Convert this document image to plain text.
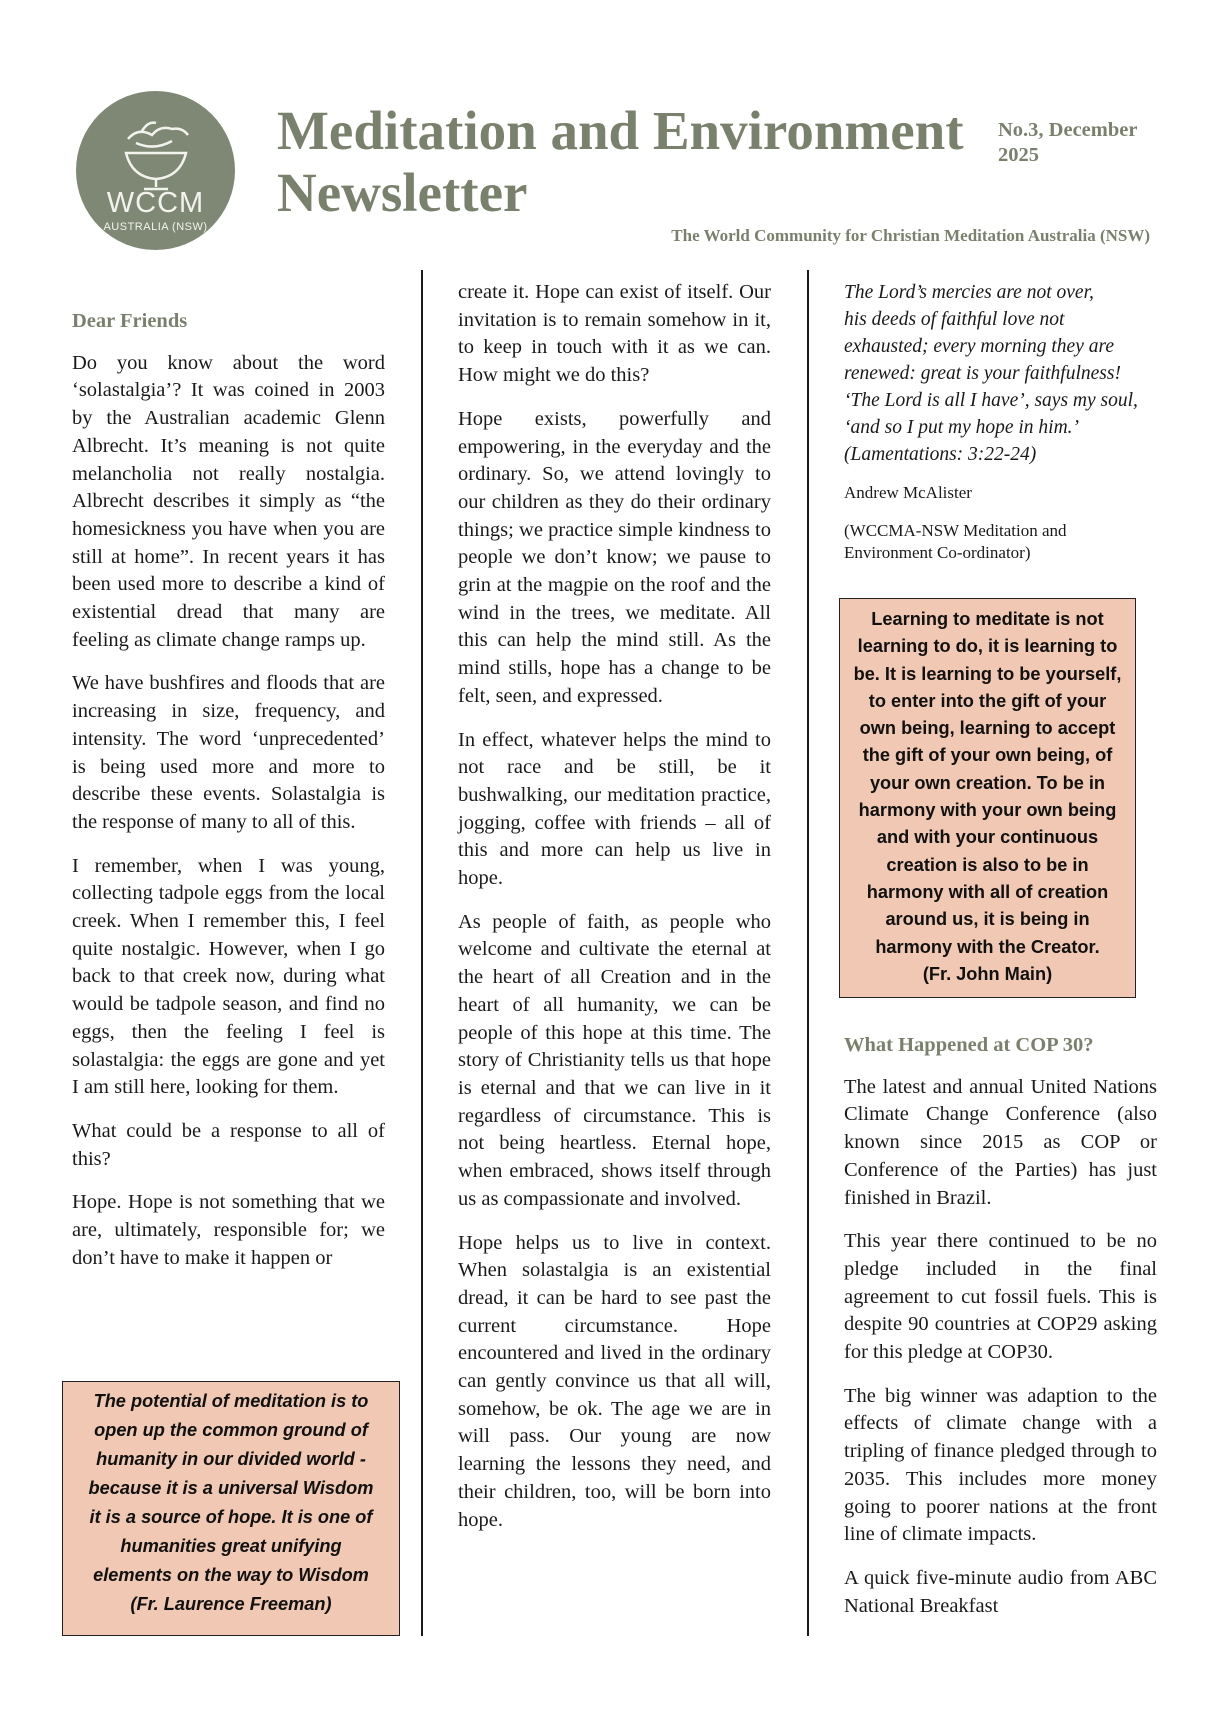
WCCM
AUSTRALIA (NSW)
Meditation and Environment
Newsletter
No.3, December
2025
The World Community for Christian Meditation Australia (NSW)
Dear Friends

Do you know about the word ‘solastalgia’? It was coined in 2003 by the Australian academic Glenn Albrecht. It’s meaning is not quite melancholia not really nostalgia. Albrecht describes it simply as “the homesickness you have when you are still at home”. In recent years it has been used more to describe a kind of existential dread that many are feeling as climate change ramps up.

We have bushfires and floods that are increasing in size, frequency, and intensity. The word ‘unprecedented’ is being used more and more to describe these events. Solastalgia is the response of many to all of this.

I remember, when I was young, collecting tadpole eggs from the local creek. When I remember this, I feel quite nostalgic. However, when I go back to that creek now, during what would be tadpole season, and find no eggs, then the feeling I feel is solastalgia: the eggs are gone and yet I am still here, looking for them.

What could be a response to all of this?

Hope. Hope is not something that we are, ultimately, responsible for; we don’t have to make it happen or

The potential of meditation is to
open up the common ground of
humanity in our divided world -
because it is a universal Wisdom
it is a source of hope. It is one of
humanities great unifying
elements on the way to Wisdom
(Fr. Laurence Freeman)

create it. Hope can exist of itself. Our invitation is to remain somehow in it, to keep in touch with it as we can. How might we do this?

Hope exists, powerfully and empowering, in the everyday and the ordinary. So, we attend lovingly to our children as they do their ordinary things; we practice simple kindness to people we don’t know; we pause to grin at the magpie on the roof and the wind in the trees, we meditate. All this can help the mind still. As the mind stills, hope has a change to be felt, seen, and expressed.

In effect, whatever helps the mind to not race and be still, be it bushwalking, our meditation practice, jogging, coffee with friends – all of this and more can help us live in hope.

As people of faith, as people who welcome and cultivate the eternal at the heart of all Creation and in the heart of all humanity, we can be people of this hope at this time. The story of Christianity tells us that hope is eternal and that we can live in it regardless of circumstance. This is not being heartless. Eternal hope, when embraced, shows itself through us as compassionate and involved.

Hope helps us to live in context. When solastalgia is an existential dread, it can be hard to see past the current circumstance. Hope encountered and lived in the ordinary can gently convince us that all will, somehow, be ok. The age we are in will pass. Our young are now learning the lessons they need, and their children, too, will be born into hope.

The Lord’s mercies are not over,
his deeds of faithful love not
exhausted; every morning they are
renewed: great is your faithfulness!
‘The Lord is all I have’, says my soul,
‘and so I put my hope in him.’
(Lamentations: 3:22-24)

Andrew McAlister

(WCCMA-NSW Meditation and Environment Co-ordinator)

Learning to meditate is not
learning to do, it is learning to
be. It is learning to be yourself,
to enter into the gift of your
own being, learning to accept
the gift of your own being, of
your own creation. To be in
harmony with your own being
and with your continuous
creation is also to be in
harmony with all of creation
around us, it is being in
harmony with the Creator.
(Fr. John Main)
What Happened at COP 30?

The latest and annual United Nations Climate Change Conference (also known since 2015 as COP or Conference of the Parties) has just finished in Brazil.

This year there continued to be no pledge included in the final agreement to cut fossil fuels. This is despite 90 countries at COP29 asking for this pledge at COP30.

The big winner was adaption to the effects of climate change with a tripling of finance pledged through to 2035. This includes more money going to poorer nations at the front line of climate impacts.

A quick five-minute audio from ABC National Breakfast
